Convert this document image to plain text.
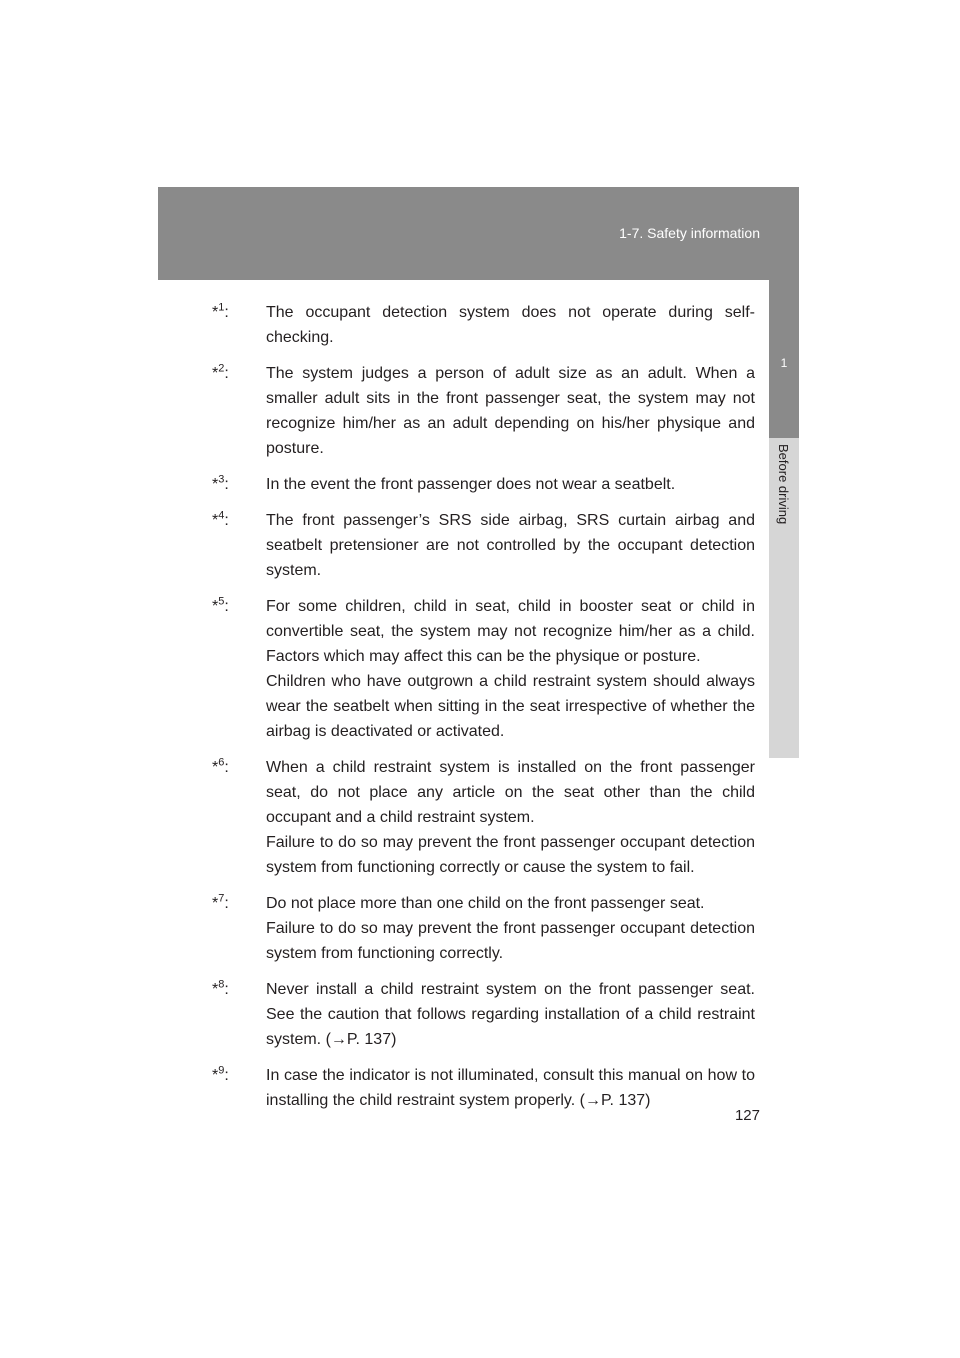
1-7. Safety information
1
Before driving
*$^1$:	The occupant detection system does not operate during self-checking.
*$^2$:	The system judges a person of adult size as an adult. When a smaller adult sits in the front passenger seat, the system may not recognize him/her as an adult depending on his/her physique and posture.
*$^3$:	In the event the front passenger does not wear a seatbelt.
*$^4$:	The front passenger’s SRS side airbag, SRS curtain airbag and seatbelt pretensioner are not controlled by the occupant detection system.
*$^5$:	For some children, child in seat, child in booster seat or child in convertible seat, the system may not recognize him/her as a child. Factors which may affect this can be the physique or posture.
Children who have outgrown a child restraint system should always wear the seatbelt when sitting in the seat irrespective of whether the airbag is deactivated or activated.
*$^6$:	When a child restraint system is installed on the front passenger seat, do not place any article on the seat other than the child occupant and a child restraint system.
Failure to do so may prevent the front passenger occupant detection system from functioning correctly or cause the system to fail.
*$^7$:	Do not place more than one child on the front passenger seat.
Failure to do so may prevent the front passenger occupant detection system from functioning correctly.
*$^8$:	Never install a child restraint system on the front passenger seat. See the caution that follows regarding installation of a child restraint system. (→P. 137)
*$^9$:	In case the indicator is not illuminated, consult this manual on how to installing the child restraint system properly. (→P. 137)
127
